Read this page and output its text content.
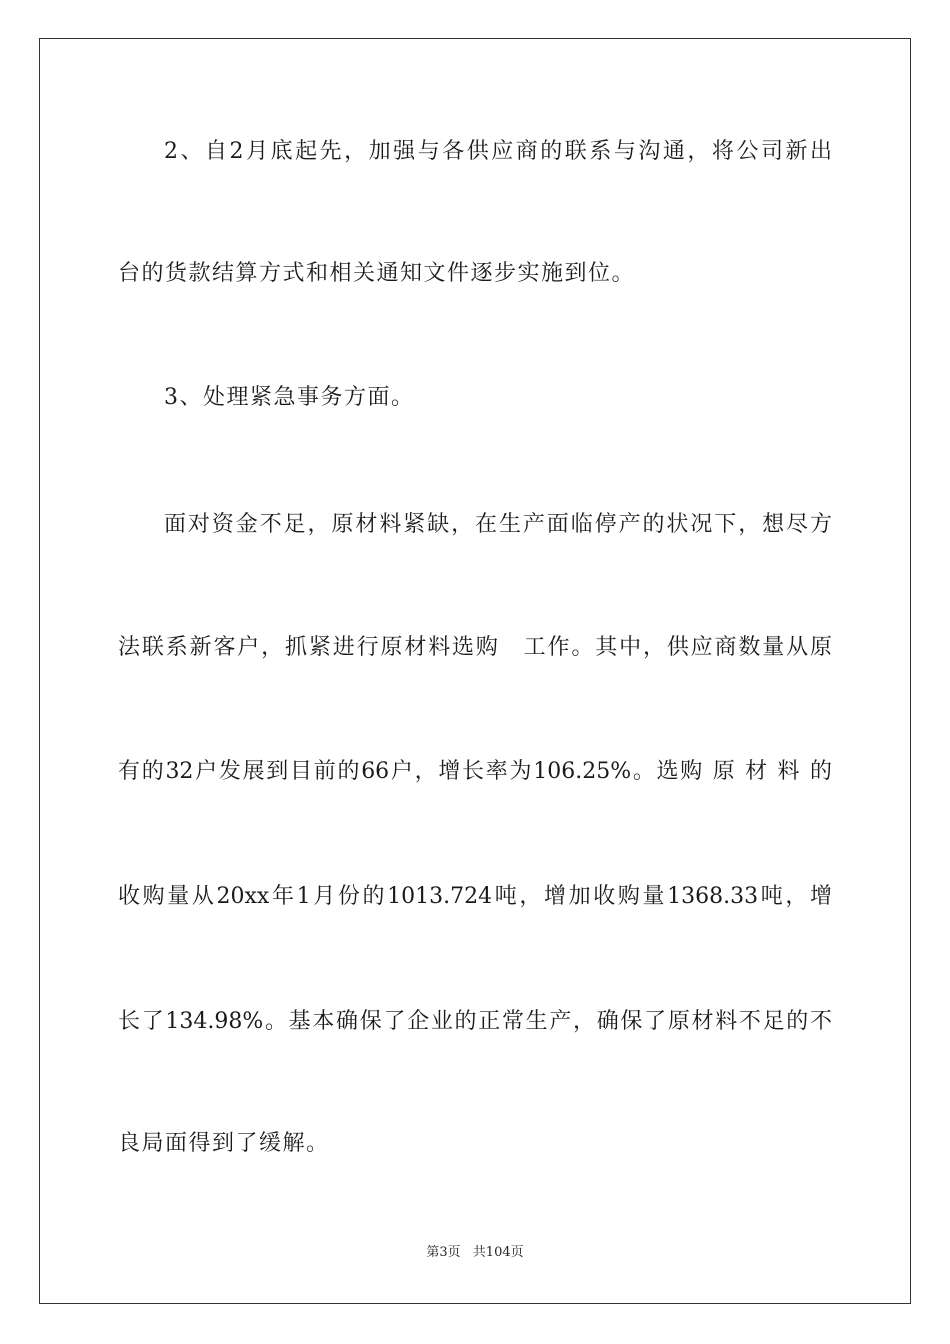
2、自2月底起先，加强与各供应商的联系与沟通，将公司新出
台的货款结算方式和相关通知文件逐步实施到位。
3、处理紧急事务方面。
面对资金不足，原材料紧缺，在生产面临停产的状况下，想尽方
法联系新客户，抓紧进行原材料选购　工作。其中，供应商数量从原
有的32户发展到目前的66户，增长率为106.25%。选购 原 材 料 的
收购量从20xx年1月份的1013.724吨，增加收购量1368.33吨，增
长了134.98%。基本确保了企业的正常生产，确保了原材料不足的不
良局面得到了缓解。
第3页 共104页
